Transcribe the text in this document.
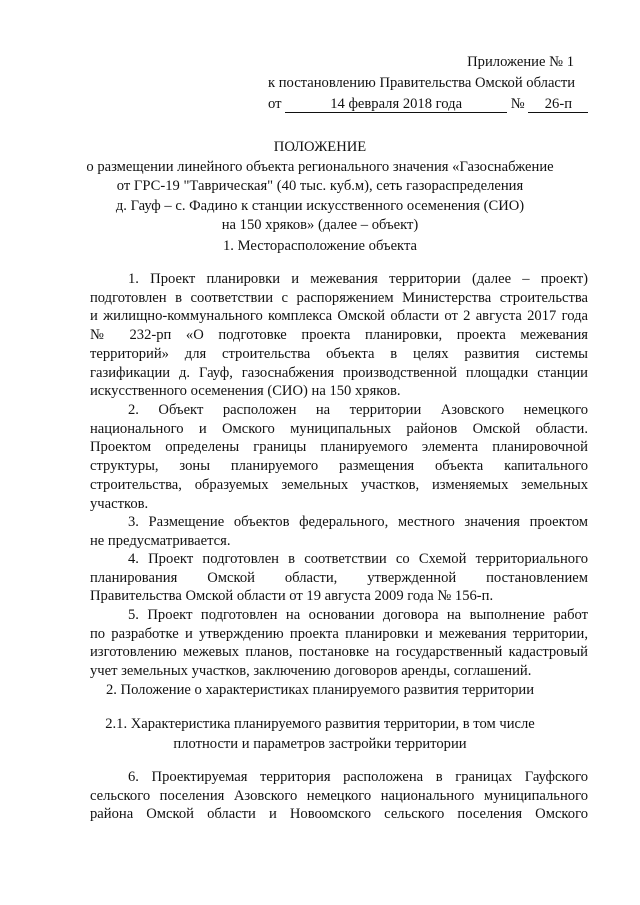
Приложение № 1
к постановлению Правительства Омской области
от	14 февраля 2018 года	№ 26-п
ПОЛОЖЕНИЕ
о размещении линейного объекта регионального значения «Газоснабжение
от ГРС-19 "Таврическая" (40 тыс. куб.м), сеть газораспределения
д. Гауф – с. Фадино к станции искусственного осеменения (СИО)
на 150 хряков» (далее – объект)
1. Месторасположение объекта
1. Проект планировки и межевания территории (далее – проект)
подготовлен в соответствии с распоряжением Министерства строительства
и жилищно-коммунального комплекса Омской области от 2 августа 2017 года
№ 232-рп «О подготовке проекта планировки, проекта межевания
территорий» для строительства объекта в целях развития системы
газификации д. Гауф, газоснабжения производственной площадки станции
искусственного осеменения (СИО) на 150 хряков.
2. Объект расположен на территории Азовского немецкого
национального и Омского муниципальных районов Омской области.
Проектом определены границы планируемого элемента планировочной
структуры, зоны планируемого размещения объекта капитального
строительства, образуемых земельных участков, изменяемых земельных
участков.
3. Размещение объектов федерального, местного значения проектом
не предусматривается.
4. Проект подготовлен в соответствии со Схемой территориального
планирования Омской области, утвержденной постановлением
Правительства Омской области от 19 августа 2009 года № 156-п.
5. Проект подготовлен на основании договора на выполнение работ
по разработке и утверждению проекта планировки и межевания территории,
изготовлению межевых планов, постановке на государственный кадастровый
учет земельных участков, заключению договоров аренды, соглашений.
2. Положение о характеристиках планируемого развития территории
2.1. Характеристика планируемого развития территории, в том числе
плотности и параметров застройки территории
6. Проектируемая территория расположена в границах Гауфского
сельского поселения Азовского немецкого национального муниципального
района Омской области и Новоомского сельского поселения Омского
